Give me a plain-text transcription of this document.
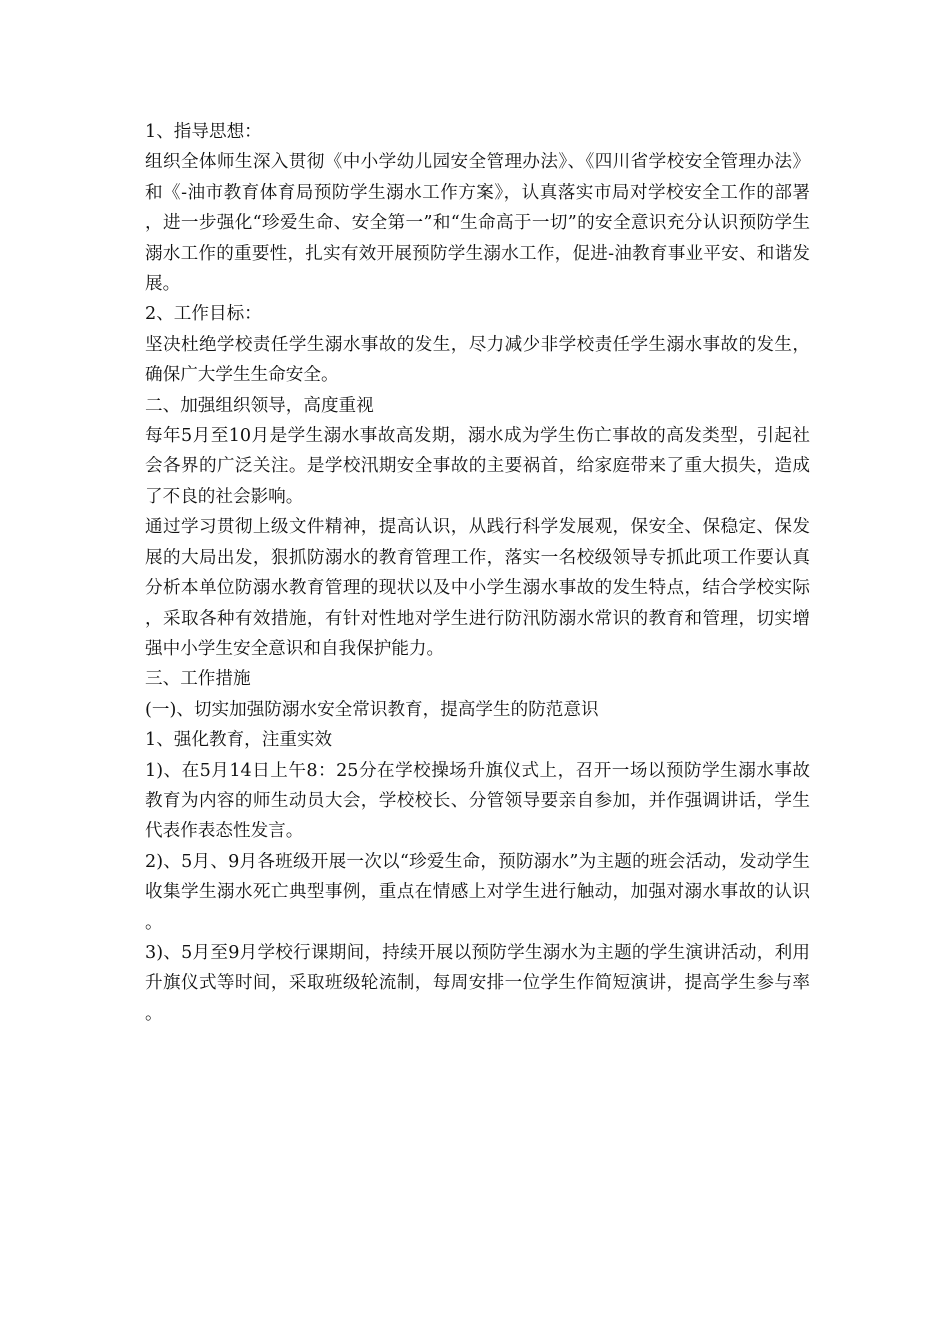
1、指导思想：

组织全体师生深入贯彻《中小学幼儿园安全管理办法》、《四川省学校安全管理办法》和《-油市教育体育局预防学生溺水工作方案》，认真落实市局对学校安全工作的部署，进一步强化“珍爱生命、安全第一”和“生命高于一切”的安全意识充分认识预防学生溺水工作的重要性，扎实有效开展预防学生溺水工作，促进-油教育事业平安、和谐发展。

2、工作目标：

坚决杜绝学校责任学生溺水事故的发生，尽力减少非学校责任学生溺水事故的发生，确保广大学生生命安全。

二、加强组织领导，高度重视

每年5月至10月是学生溺水事故高发期，溺水成为学生伤亡事故的高发类型，引起社会各界的广泛关注。是学校汛期安全事故的主要祸首，给家庭带来了重大损失，造成了不良的社会影响。

通过学习贯彻上级文件精神，提高认识，从践行科学发展观，保安全、保稳定、保发展的大局出发，狠抓防溺水的教育管理工作，落实一名校级领导专抓此项工作要认真分析本单位防溺水教育管理的现状以及中小学生溺水事故的发生特点，结合学校实际，采取各种有效措施，有针对性地对学生进行防汛防溺水常识的教育和管理，切实增强中小学生安全意识和自我保护能力。

三、工作措施

(一)、切实加强防溺水安全常识教育，提高学生的防范意识

1、强化教育，注重实效

1)、在5月14日上午8：25分在学校操场升旗仪式上，召开一场以预防学生溺水事故教育为内容的师生动员大会，学校校长、分管领导要亲自参加，并作强调讲话，学生代表作表态性发言。

2)、5月、9月各班级开展一次以“珍爱生命，预防溺水”为主题的班会活动，发动学生收集学生溺水死亡典型事例，重点在情感上对学生进行触动，加强对溺水事故的认识。

3)、5月至9月学校行课期间，持续开展以预防学生溺水为主题的学生演讲活动，利用升旗仪式等时间，采取班级轮流制，每周安排一位学生作简短演讲，提高学生参与率。
